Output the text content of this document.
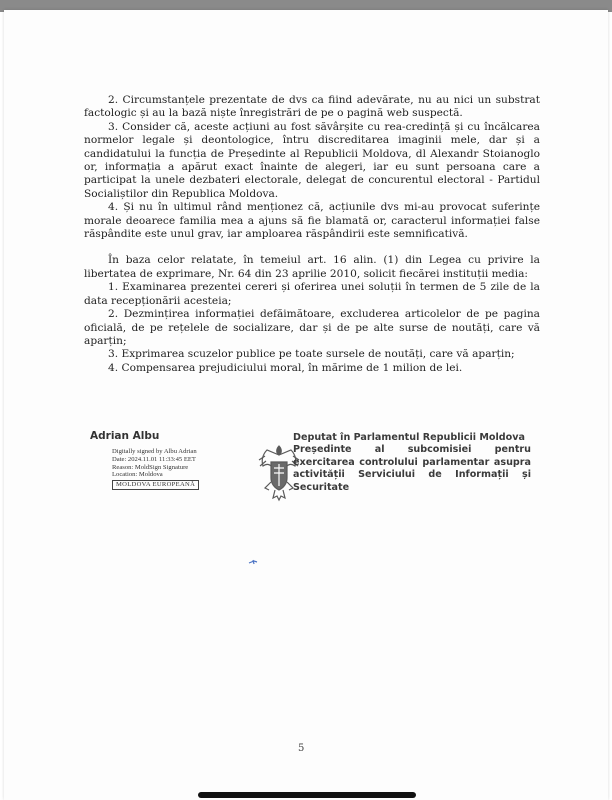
2. Circumstanțele prezentate de dvs ca fiind adevărate, nu au nici un substrat factologic și au la bază niște înregistrări de pe o pagină web suspectă.

3. Consider că, aceste acțiuni au fost săvârșite cu rea-credință și cu încălcarea normelor legale și deontologice, întru discreditarea imaginii mele, dar și a candidatului la funcția de Președinte al Republicii Moldova, dl Alexandr Stoianoglo or, informația a apărut exact înainte de alegeri, iar eu sunt persoana care a participat la unele dezbateri electorale, delegat de concurentul electoral - Partidul Socialiștilor din Republica Moldova.

4. Și nu în ultimul rând menționez că, acțiunile dvs mi-au provocat suferințe morale deoarece familia mea a ajuns să fie blamată or, caracterul informației false răspândite este unul grav, iar amploarea răspândirii este semnificativă.

În baza celor relatate, în temeiul art. 16 alin. (1) din Legea cu privire la libertatea de exprimare, Nr. 64 din 23 aprilie 2010, solicit fiecărei instituții media:

1. Examinarea prezentei cereri și oferirea unei soluții în termen de 5 zile de la data recepționării acesteia;

2. Dezmințirea informației defăimătoare, excluderea articolelor de pe pagina oficială, de pe rețelele de socializare, dar și de pe alte surse de noutăți, care vă aparțin;

3. Exprimarea scuzelor publice pe toate sursele de noutăți, care vă aparțin;

4. Compensarea prejudiciului moral, în mărime de 1 milion de lei.

Adrian Albu
Digitally signed by Albu Adrian
Date: 2024.11.01 11:33:45 EET
Reason: MoldSign Signature
Location: Moldova
MOLDOVA EUROPEANĂ
Deputat în Parlamentul Republicii Moldova
Președinte al subcomisiei pentru exercitarea controlului parlamentar asupra activității Serviciului de Informații și Securitate
5
